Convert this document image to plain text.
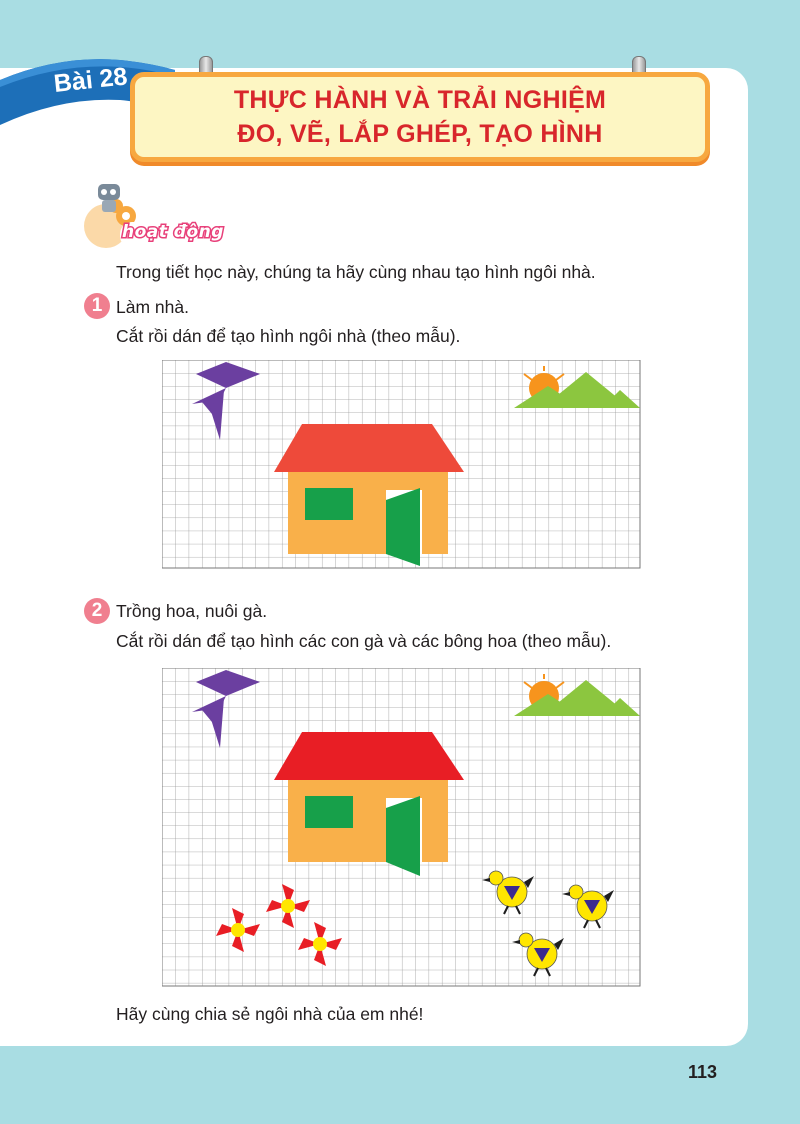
Bài 28
THỰC HÀNH VÀ TRẢI NGHIỆM
ĐO, VẼ, LẮP GHÉP, TẠO HÌNH
hoạt động
Trong tiết học này, chúng ta hãy cùng nhau tạo hình ngôi nhà.
1 Làm nhà.
Cắt rồi dán để tạo hình ngôi nhà (theo mẫu).
2 Trồng hoa, nuôi gà.
Cắt rồi dán để tạo hình các con gà và các bông hoa (theo mẫu).
Hãy cùng chia sẻ ngôi nhà của em nhé!
113
